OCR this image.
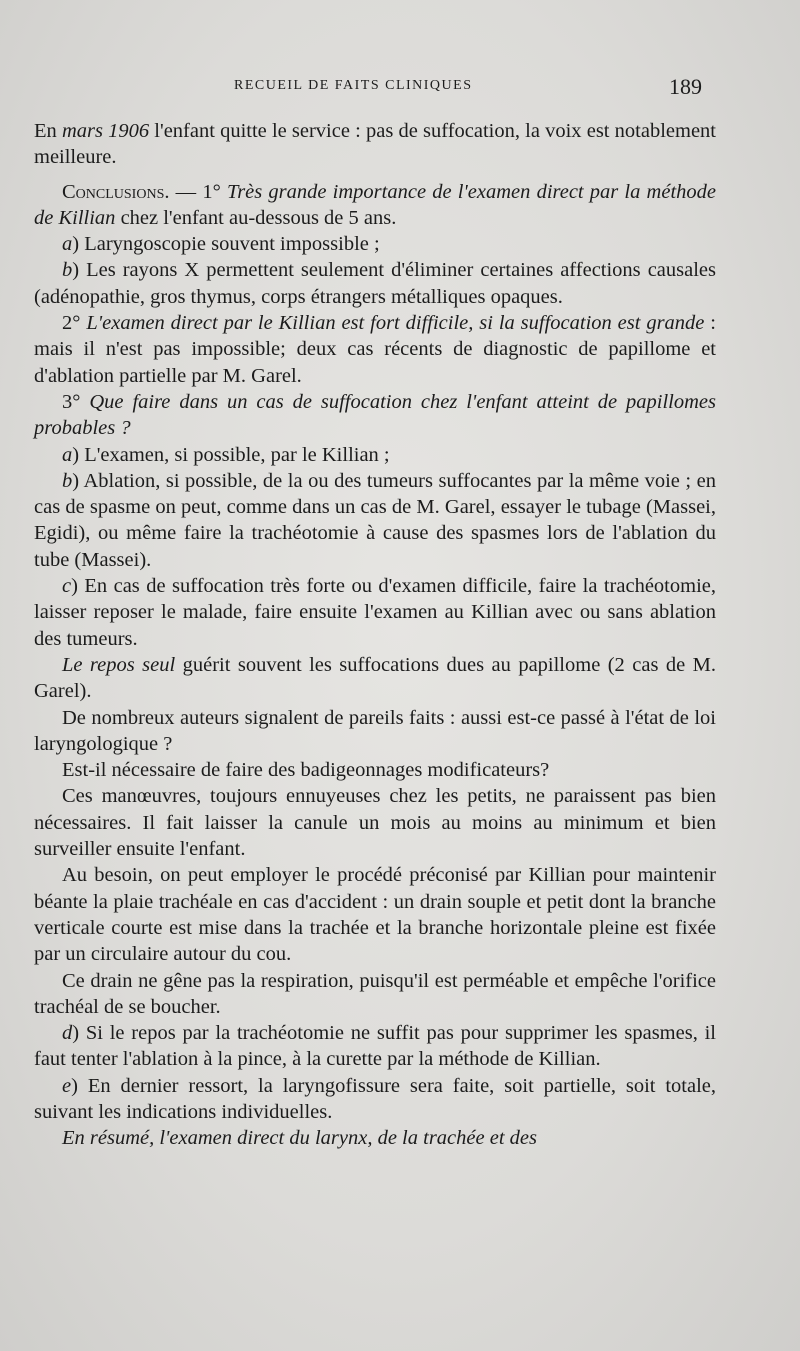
RECUEIL DE FAITS CLINIQUES	189

En mars 1906 l'enfant quitte le service : pas de suffocation, la voix est notablement meilleure.

Conclusions. — 1° Très grande importance de l'examen direct par la méthode de Killian chez l'enfant au-dessous de 5 ans.

a) Laryngoscopie souvent impossible ;

b) Les rayons X permettent seulement d'éliminer certaines affections causales (adénopathie, gros thymus, corps étrangers métalliques opaques.

2° L'examen direct par le Killian est fort difficile, si la suffocation est grande : mais il n'est pas impossible; deux cas récents de diagnostic de papillome et d'ablation partielle par M. Garel.

3° Que faire dans un cas de suffocation chez l'enfant atteint de papillomes probables ?

a) L'examen, si possible, par le Killian ;

b) Ablation, si possible, de la ou des tumeurs suffocantes par la même voie ; en cas de spasme on peut, comme dans un cas de M. Garel, essayer le tubage (Massei, Egidi), ou même faire la trachéotomie à cause des spasmes lors de l'ablation du tube (Massei).

c) En cas de suffocation très forte ou d'examen difficile, faire la trachéotomie, laisser reposer le malade, faire ensuite l'examen au Killian avec ou sans ablation des tumeurs.

Le repos seul guérit souvent les suffocations dues au papillome (2 cas de M. Garel).

De nombreux auteurs signalent de pareils faits : aussi est-ce passé à l'état de loi laryngologique ?

Est-il nécessaire de faire des badigeonnages modificateurs?

Ces manœuvres, toujours ennuyeuses chez les petits, ne paraissent pas bien nécessaires. Il fait laisser la canule un mois au moins au minimum et bien surveiller ensuite l'enfant.

Au besoin, on peut employer le procédé préconisé par Killian pour maintenir béante la plaie trachéale en cas d'accident : un drain souple et petit dont la branche verticale courte est mise dans la trachée et la branche horizontale pleine est fixée par un circulaire autour du cou.

Ce drain ne gêne pas la respiration, puisqu'il est perméable et empêche l'orifice trachéal de se boucher.

d) Si le repos par la trachéotomie ne suffit pas pour supprimer les spasmes, il faut tenter l'ablation à la pince, à la curette par la méthode de Killian.

e) En dernier ressort, la laryngofissure sera faite, soit partielle, soit totale, suivant les indications individuelles.

En résumé, l'examen direct du larynx, de la trachée et des
